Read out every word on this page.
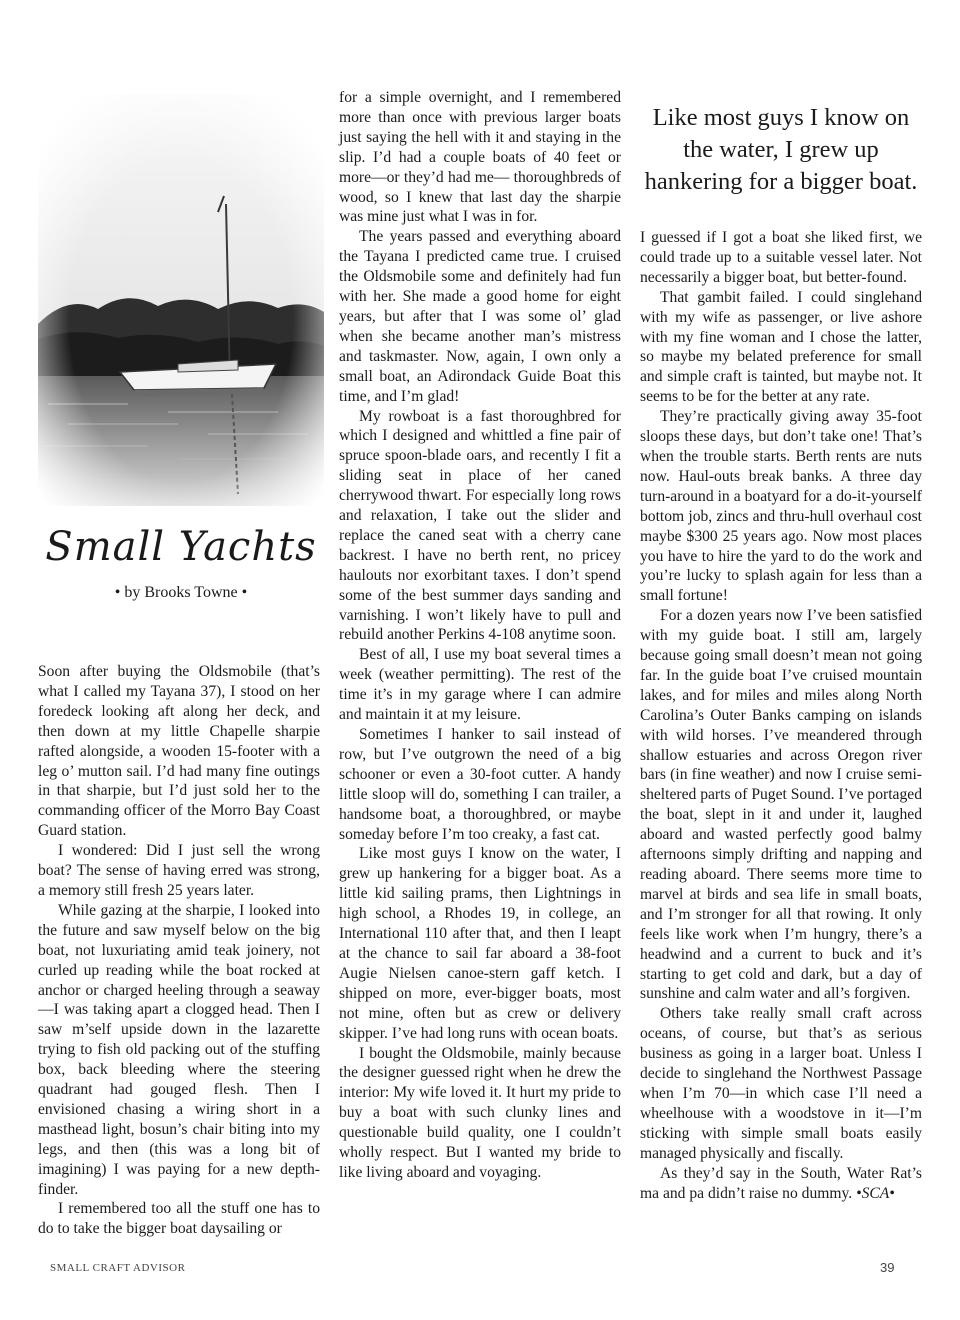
Small Yachts
• by Brooks Towne •

Soon after buying the Oldsmobile (that’s what I called my Tayana 37), I stood on her foredeck looking aft along her deck, and then down at my little Chapelle sharpie rafted alongside, a wooden 15-footer with a leg o’ mutton sail. I’d had many fine outings in that sharpie, but I’d just sold her to the commanding officer of the Morro Bay Coast Guard station.

I wondered: Did I just sell the wrong boat? The sense of having erred was strong, a memory still fresh 25 years later.

While gazing at the sharpie, I looked into the future and saw myself below on the big boat, not luxuriating amid teak joinery, not curled up reading while the boat rocked at anchor or charged heeling through a seaway—I was taking apart a clogged head. Then I saw m’self upside down in the lazarette trying to fish old packing out of the stuffing box, back bleeding where the steering quadrant had gouged flesh. Then I envisioned chasing a wiring short in a masthead light, bosun’s chair biting into my legs, and then (this was a long bit of imagining) I was paying for a new depth-finder.

I remembered too all the stuff one has to do to take the bigger boat daysailing or

for a simple overnight, and I remembered more than once with previous larger boats just saying the hell with it and staying in the slip. I’d had a couple boats of 40 feet or more—or they’d had me— thoroughbreds of wood, so I knew that last day the sharpie was mine just what I was in for.

The years passed and everything aboard the Tayana I predicted came true. I cruised the Oldsmobile some and definitely had fun with her. She made a good home for eight years, but after that I was some ol’ glad when she became another man’s mistress and taskmaster. Now, again, I own only a small boat, an Adirondack Guide Boat this time, and I’m glad!

My rowboat is a fast thoroughbred for which I designed and whittled a fine pair of spruce spoon-blade oars, and recently I fit a sliding seat in place of her caned cherrywood thwart. For especially long rows and relaxation, I take out the slider and replace the caned seat with a cherry cane backrest. I have no berth rent, no pricey haulouts nor exorbitant taxes. I don’t spend some of the best summer days sanding and varnishing. I won’t likely have to pull and rebuild another Perkins 4-108 anytime soon.

Best of all, I use my boat several times a week (weather permitting). The rest of the time it’s in my garage where I can admire and maintain it at my leisure.

Sometimes I hanker to sail instead of row, but I’ve outgrown the need of a big schooner or even a 30-foot cutter. A handy little sloop will do, something I can trailer, a handsome boat, a thoroughbred, or maybe someday before I’m too creaky, a fast cat.

Like most guys I know on the water, I grew up hankering for a bigger boat. As a little kid sailing prams, then Lightnings in high school, a Rhodes 19, in college, an International 110 after that, and then I leapt at the chance to sail far aboard a 38-foot Augie Nielsen canoe-stern gaff ketch. I shipped on more, ever-bigger boats, most not mine, often but as crew or delivery skipper. I’ve had long runs with ocean boats.

I bought the Oldsmobile, mainly because the designer guessed right when he drew the interior: My wife loved it. It hurt my pride to buy a boat with such clunky lines and questionable build quality, one I couldn’t wholly respect. But I wanted my bride to like living aboard and voyaging.

Like most guys I know on the water, I grew up hankering for a bigger boat.

I guessed if I got a boat she liked first, we could trade up to a suitable vessel later. Not necessarily a bigger boat, but better-found.

That gambit failed. I could singlehand with my wife as passenger, or live ashore with my fine woman and I chose the latter, so maybe my belated preference for small and simple craft is tainted, but maybe not. It seems to be for the better at any rate.

They’re practically giving away 35-foot sloops these days, but don’t take one! That’s when the trouble starts. Berth rents are nuts now. Haul-outs break banks. A three day turn-around in a boatyard for a do-it-yourself bottom job, zincs and thru-hull overhaul cost maybe $300 25 years ago. Now most places you have to hire the yard to do the work and you’re lucky to splash again for less than a small fortune!

For a dozen years now I’ve been satisfied with my guide boat. I still am, largely because going small doesn’t mean not going far. In the guide boat I’ve cruised mountain lakes, and for miles and miles along North Carolina’s Outer Banks camping on islands with wild horses. I’ve meandered through shallow estuaries and across Oregon river bars (in fine weather) and now I cruise semi-sheltered parts of Puget Sound. I’ve portaged the boat, slept in it and under it, laughed aboard and wasted perfectly good balmy afternoons simply drifting and napping and reading aboard. There seems more time to marvel at birds and sea life in small boats, and I’m stronger for all that rowing. It only feels like work when I’m hungry, there’s a headwind and a current to buck and it’s starting to get cold and dark, but a day of sunshine and calm water and all’s forgiven.

Others take really small craft across oceans, of course, but that’s as serious business as going in a larger boat. Unless I decide to singlehand the Northwest Passage when I’m 70—in which case I’ll need a wheelhouse with a woodstove in it—I’m sticking with simple small boats easily managed physically and fiscally.

As they’d say in the South, Water Rat’s ma and pa didn’t raise no dummy. •SCA•

SMALL CRAFT ADVISOR	39
